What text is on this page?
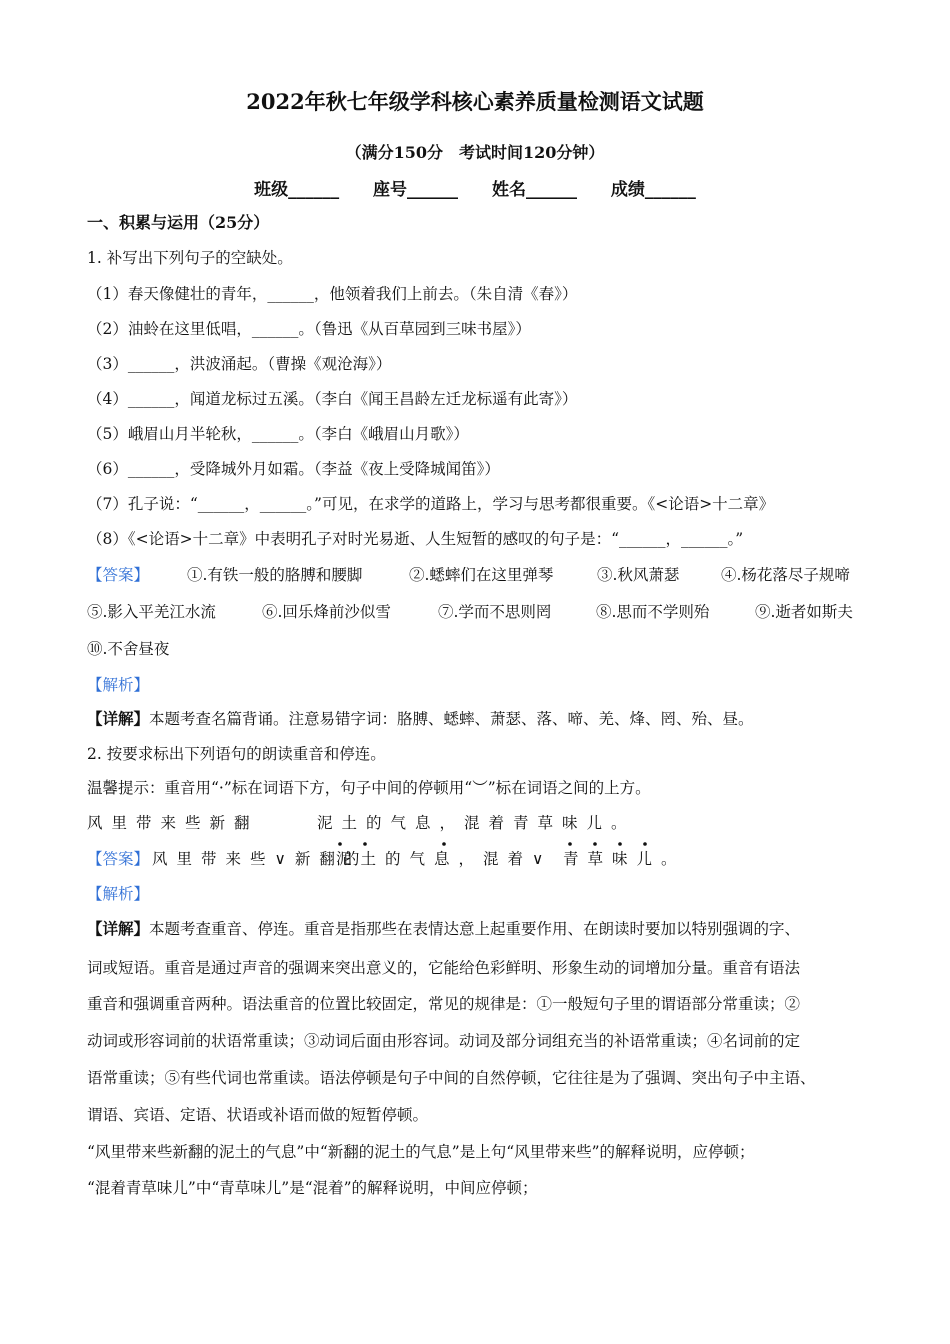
2022年秋七年级学科核心素养质量检测语文试题
（满分150分　考试时间120分钟）
班级______ 座号______ 姓名______ 成绩______
一、积累与运用（25分）
1. 补写出下列句子的空缺处。
（1）春天像健壮的青年，______，他领着我们上前去。（朱自清《春》）
（2）油蛉在这里低唱，______。（鲁迅《从百草园到三味书屋》）
（3）______，洪波涌起。（曹操《观沧海》）
（4）______，闻道龙标过五溪。（李白《闻王昌龄左迁龙标遥有此寄》）
（5）峨眉山月半轮秋，______。（李白《峨眉山月歌》）
（6）______，受降城外月如霜。（李益《夜上受降城闻笛》）
（7）孔子说：“______，______。”可见，在求学的道路上，学习与思考都很重要。《<论语>十二章》
（8）《<论语>十二章》中表明孔子对时光易逝、人生短暂的感叹的句子是：“______，______。”
【答案】 ①.有铁一般的胳膊和腰脚	②.蟋蟀们在这里弹琴	③.秋风萧瑟	④.杨花落尽子规啼
⑤.影入平羌江水流	⑥.回乐烽前沙似雪	⑦.学而不思则罔	⑧.思而不学则殆	⑨.逝者如斯夫
⑩.不舍昼夜
【解析】
【详解】本题考查名篇背诵。注意易错字词：胳膊、蟋蟀、萧瑟、落、啼、羌、烽、罔、殆、昼。
2. 按要求标出下列语句的朗读重音和停连。
温馨提示：重音用“·”标在词语下方，句子中间的停顿用“︶”标在词语之间的上方。
风里带来些新翻	泥土的气息，混着青草味儿。
【答案】 风里带来些∨新翻的
泥土的气息，混着∨ 青草味儿。
【解析】
【详解】本题考查重音、停连。重音是指那些在表情达意上起重要作用、在朗读时要加以特别强调的字、
词或短语。重音是通过声音的强调来突出意义的，它能给色彩鲜明、形象生动的词增加分量。重音有语法
重音和强调重音两种。语法重音的位置比较固定，常见的规律是：①一般短句子里的谓语部分常重读；②
动词或形容词前的状语常重读；③动词后面由形容词。动词及部分词组充当的补语常重读；④名词前的定
语常重读；⑤有些代词也常重读。语法停顿是句子中间的自然停顿，它往往是为了强调、突出句子中主语、
谓语、宾语、定语、状语或补语而做的短暂停顿。
“风里带来些新翻的泥土的气息”中“新翻的泥土的气息”是上句“风里带来些”的解释说明，应停顿；
“混着青草味儿”中“青草味儿”是“混着”的解释说明，中间应停顿；
